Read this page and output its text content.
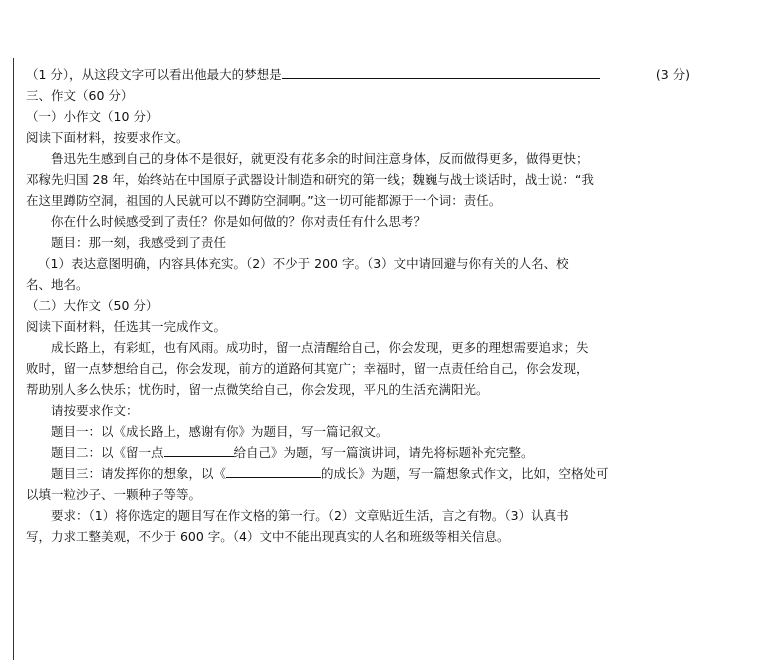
（1 分），从这段文字可以看出他最大的梦想是	(3 分)
三、作文（60 分）
（一）小作文（10 分）
阅读下面材料，按要求作文。
鲁迅先生感到自己的身体不是很好，就更没有花多余的时间注意身体，反而做得更多，做得更快；
邓稼先归国 28 年，始终站在中国原子武器设计制造和研究的第一线；魏巍与战士谈话时，战士说：“我
在这里蹲防空洞，祖国的人民就可以不蹲防空洞啊。”这一切可能都源于一个词：责任。
你在什么时候感受到了责任？你是如何做的？你对责任有什么思考？
题目：那一刻，我感受到了责任
（1）表达意图明确，内容具体充实。（2）不少于 200 字。（3）文中请回避与你有关的人名、校
名、地名。
（二）大作文（50 分）
阅读下面材料，任选其一完成作文。
成长路上，有彩虹，也有风雨。成功时，留一点清醒给自己，你会发现，更多的理想需要追求；失
败时，留一点梦想给自己，你会发现，前方的道路何其宽广；幸福时，留一点责任给自己，你会发现，
帮助别人多么快乐；忧伤时，留一点微笑给自己，你会发现，平凡的生活充满阳光。
请按要求作文：
题目一：以《成长路上，感谢有你》为题目，写一篇记叙文。
题目二：以《留一点	给自己》为题，写一篇演讲词，请先将标题补充完整。
题目三：请发挥你的想象，以《	的成长》为题，写一篇想象式作文，比如，空格处可
以填一粒沙子、一颗种子等等。
要求：（1）将你选定的题目写在作文格的第一行。（2）文章贴近生活，言之有物。（3）认真书
写，力求工整美观，不少于 600 字。（4）文中不能出现真实的人名和班级等相关信息。
